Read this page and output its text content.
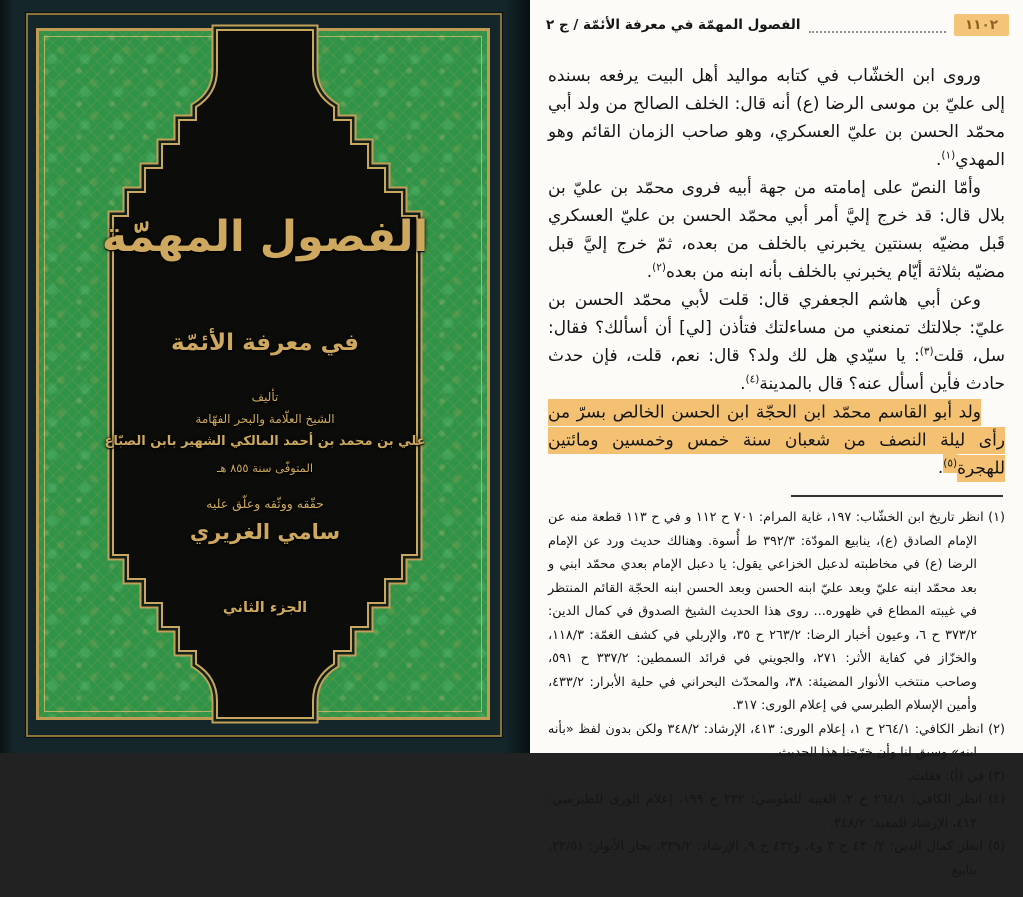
الفصول المهمّة
في معرفة الأئمّة
تأليف
الشيخ العلّامة والبحر الفهّامة
علي بن محمد بن أحمد المالكي الشهير بابن الصبّاغ
المتوفّى سنة ٨٥٥ هـ
حقّقه ووثّقه وعلّق عليه
سامي الغريري
الجزء الثاني
١١٠٢
الفصول المهمّة في معرفة الأئمّة / ج ٢

وروى ابن الخشّاب في كتابه مواليد أهل البيت يرفعه بسنده إلى عليّ بن موسى الرضا (ع) أنه قال: الخلف الصالح من ولد أبي محمّد الحسن بن عليّ العسكري، وهو صاحب الزمان القائم وهو المهدي$^{(١)}$.

وأمّا النصّ على إمامته من جهة أبيه فروى محمّد بن عليّ بن بلال قال: قد خرج إليَّ أمر أبي محمّد الحسن بن عليّ العسكري قَبل مضيّه بسنتين يخبرني بالخلف من بعده، ثمّ خرج إليَّ قبل مضيّه بثلاثة أيّام يخبرني بالخلف بأنه ابنه من بعده$^{(٢)}$.

وعن أبي هاشم الجعفري قال: قلت لأبي محمّد الحسن بن عليّ: جلالتك تمنعني من مساءلتك فتأذن [لي] أن أسألك؟ فقال: سل، قلت$^{(٣)}$: يا سيّدي هل لك ولد؟ قال: نعم، قلت، فإن حدث حادث فأين أسأل عنه؟ قال بالمدينة$^{(٤)}$.

ولد أبو القاسم محمّد ابن الحجّة ابن الحسن الخالص بسرّ من رأى ليلة النصف من شعبان سنة خمس وخمسين ومائتين للهجرة$^{(٥)}$.

(١) انظر تاريخ ابن الخشّاب: ١٩٧، غاية المرام: ٧٠١ ح ١١٢ و في ح ١١٣ قطعة منه عن الإمام الصادق (ع)، ينابيع المودّة: ٣٩٢/٣ ط أُسوة. وهنالك حديث ورد عن الإمام الرضا (ع) في مخاطبته لدعبل الخزاعي يقول: يا دعبل الإمام بعدي محمّد ابني و بعد محمّد ابنه عليّ وبعد عليّ ابنه الحسن وبعد الحسن ابنه الحجّة القائم المنتظر في غيبته المطاع في ظهوره... روى هذا الحديث الشيخ الصدوق في كمال الدين: ٣٧٣/٢ ح ٦، وعيون أخبار الرضا: ٢٦٣/٢ ح ٣٥، والإربلي في كشف الغمّة: ١١٨/٣، والخزّاز في كفاية الأثر: ٢٧١، والجويني في فرائد السمطين: ٣٣٧/٢ ح ٥٩١، وصاحب منتخب الأنوار المضيئة: ٣٨، والمحدّث البحراني في حلية الأبرار: ٤٣٣/٢، وأمين الإسلام الطبرسي في إعلام الورى: ٣١٧.

(٢) انظر الكافي: ٢٦٤/١ ح ١، إعلام الورى: ٤١٣، الإرشاد: ٣٤٨/٢ ولكن بدون لفظ «بأنه ابنه» وسبق لنا وأن خرّجنا هذا الحديث.

(٣) في (أ): فقلت.

(٤) انظر الكافي: ٢٦٤/١ ح ٢، الغيبة للطوسي: ٢٣٢ ح ١٩٩، إعلام الورى للطبرسي: ٤١٣، الإرشاد للمفيد: ٣٤٨/٢.

(٥) انظر كمال الدين: ٤٣٠/٢ ح ٣ و٤، و٤٣٢ ح ٩، الإرشاد: ٣٣٩/٢، بحار الأنوار: ٢٣/٥١، ينابيع

↔
